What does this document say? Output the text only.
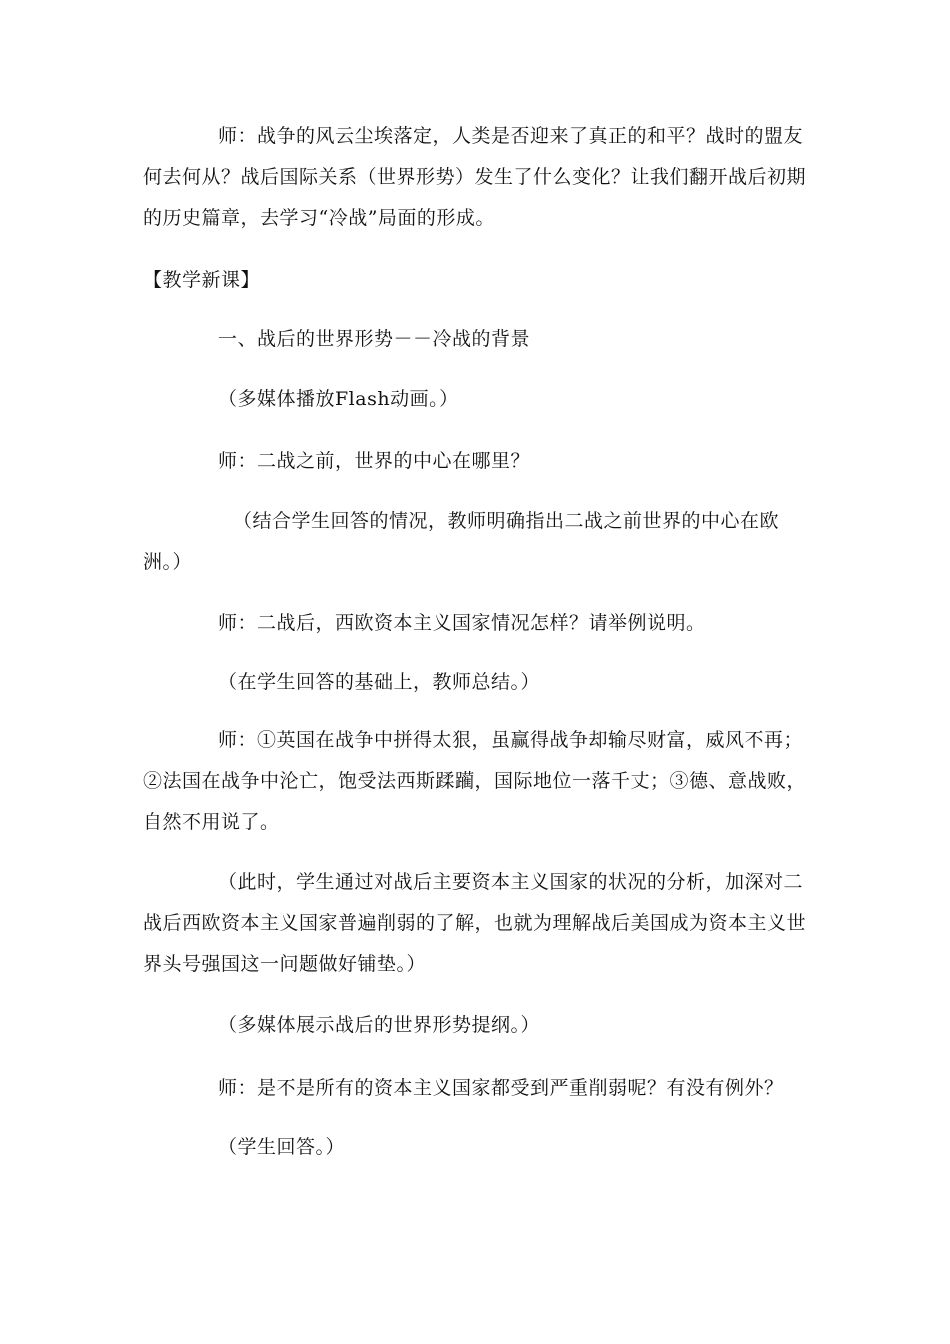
师：战争的风云尘埃落定，人类是否迎来了真正的和平？战时的盟友何去何从？战后国际关系（世界形势）发生了什么变化？让我们翻开战后初期的历史篇章，去学习“冷战”局面的形成。

【教学新课】

一、战后的世界形势－－冷战的背景

（多媒体播放Flash动画。）

师：二战之前，世界的中心在哪里？

（结合学生回答的情况，教师明确指出二战之前世界的中心在欧洲。）

师：二战后，西欧资本主义国家情况怎样？请举例说明。

（在学生回答的基础上，教师总结。）

师：①英国在战争中拼得太狠，虽赢得战争却输尽财富，威风不再；②法国在战争中沦亡，饱受法西斯蹂躏，国际地位一落千丈；③德、意战败，自然不用说了。

（此时，学生通过对战后主要资本主义国家的状况的分析，加深对二战后西欧资本主义国家普遍削弱的了解，也就为理解战后美国成为资本主义世界头号强国这一问题做好铺垫。）

（多媒体展示战后的世界形势提纲。）

师：是不是所有的资本主义国家都受到严重削弱呢？有没有例外？

（学生回答。）
